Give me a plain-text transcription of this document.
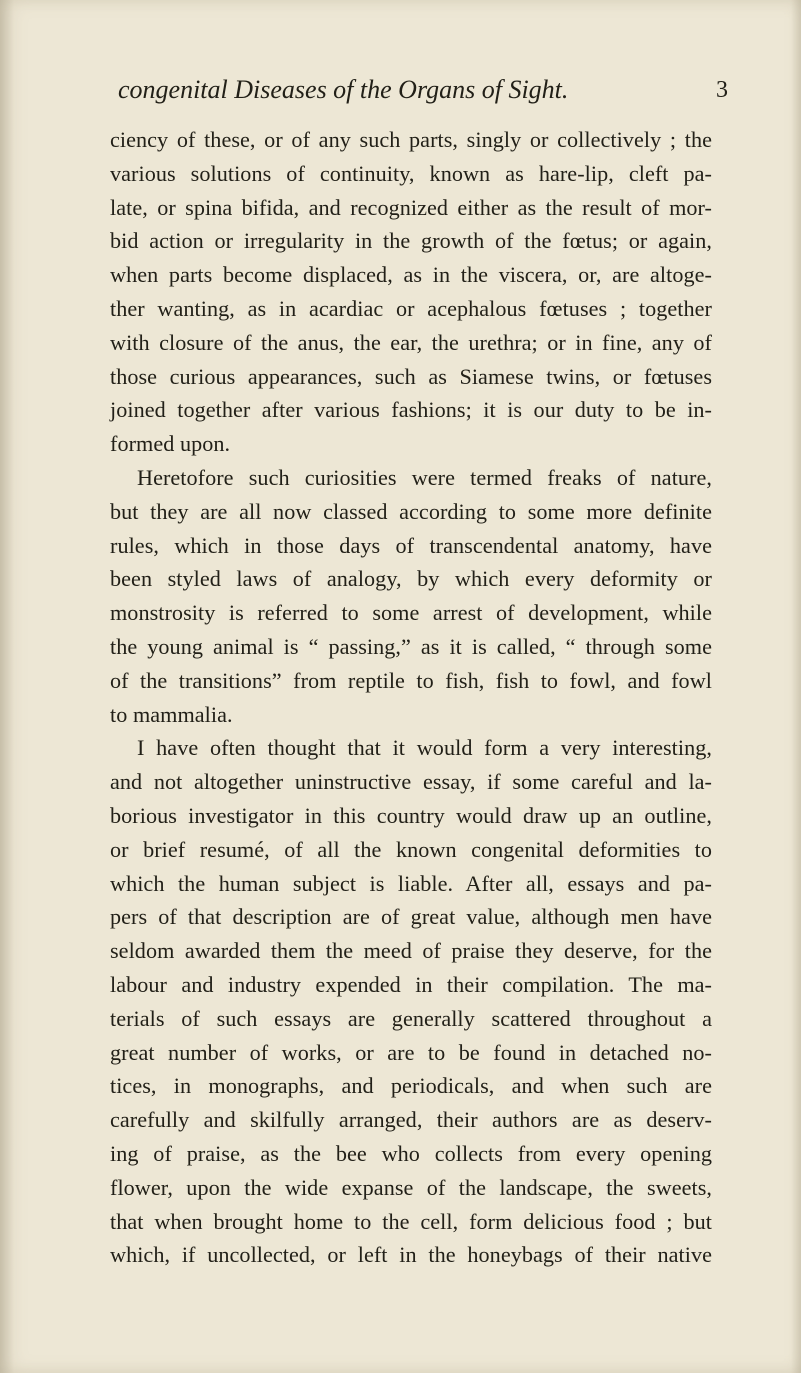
congenital Diseases of the Organs of Sight.	3
ciency of these, or of any such parts, singly or collectively ; the
various solutions of continuity, known as hare-lip, cleft pa-
late, or spina bifida, and recognized either as the result of mor-
bid action or irregularity in the growth of the fœtus; or again,
when parts become displaced, as in the viscera, or, are altoge-
ther wanting, as in acardiac or acephalous fœtuses ; together
with closure of the anus, the ear, the urethra; or in fine, any of
those curious appearances, such as Siamese twins, or fœtuses
joined together after various fashions; it is our duty to be in-
formed upon.
Heretofore such curiosities were termed freaks of nature,
but they are all now classed according to some more definite
rules, which in those days of transcendental anatomy, have
been styled laws of analogy, by which every deformity or
monstrosity is referred to some arrest of development, while
the young animal is “ passing,” as it is called, “ through some
of the transitions” from reptile to fish, fish to fowl, and fowl
to mammalia.
I have often thought that it would form a very interesting,
and not altogether uninstructive essay, if some careful and la-
borious investigator in this country would draw up an outline,
or brief resumé, of all the known congenital deformities to
which the human subject is liable. After all, essays and pa-
pers of that description are of great value, although men have
seldom awarded them the meed of praise they deserve, for the
labour and industry expended in their compilation. The ma-
terials of such essays are generally scattered throughout a
great number of works, or are to be found in detached no-
tices, in monographs, and periodicals, and when such are
carefully and skilfully arranged, their authors are as deserv-
ing of praise, as the bee who collects from every opening
flower, upon the wide expanse of the landscape, the sweets,
that when brought home to the cell, form delicious food ; but
which, if uncollected, or left in the honeybags of their native
